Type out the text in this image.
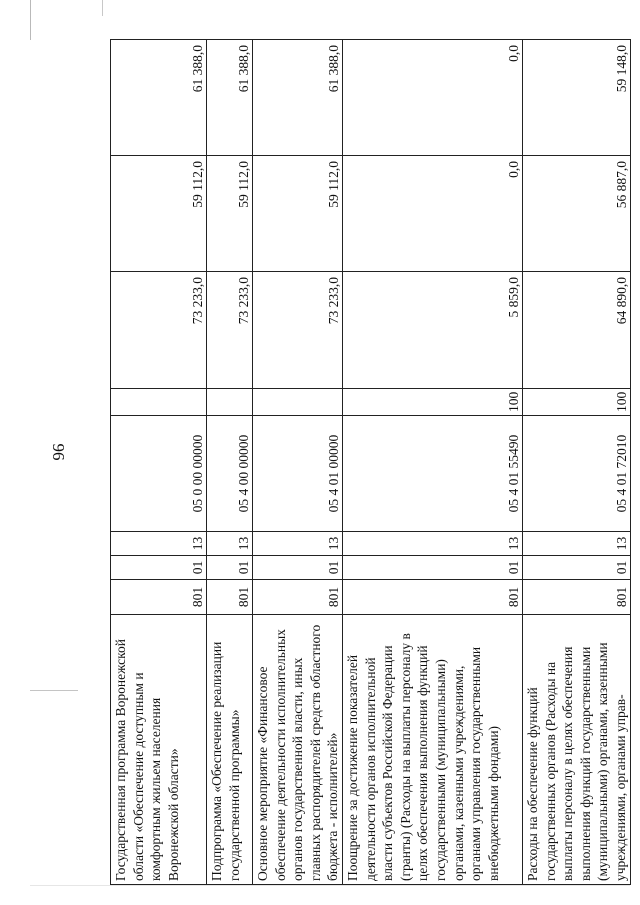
96
Государственная программа Воронежской области «Обеспечение доступным и комфортным жильем населения Воронежской области»	801	01	13	05 0 00 00000		73 233,0	59 112,0	61 388,0
Подпрограмма «Обеспечение реализации государственной программы»	801	01	13	05 4 00 00000		73 233,0	59 112,0	61 388,0
Основное мероприятие «Финансовое обеспечение деятельности исполнительных органов государственной власти, иных главных распорядителей средств областного бюджета - исполнителей»	801	01	13	05 4 01 00000		73 233,0	59 112,0	61 388,0
Поощрение за достижение показателей деятельности органов исполнительной власти субъектов Российской Федерации (гранты) (Расходы на выплаты персоналу в целях обеспечения выполнения функций государственными (муниципальными) органами, казенными учреждениями, органами управления государственными внебюджетными фондами)	801	01	13	05 4 01 55490	100	5 859,0	0,0	0,0
Расходы на обеспечение функций государственных органов (Расходы на выплаты персоналу в целях обеспечения выполнения функций государственными (муниципальными) органами, казенными учреждениями, органами управ-	801	01	13	05 4 01 72010	100	64 890,0	56 887,0	59 148,0
